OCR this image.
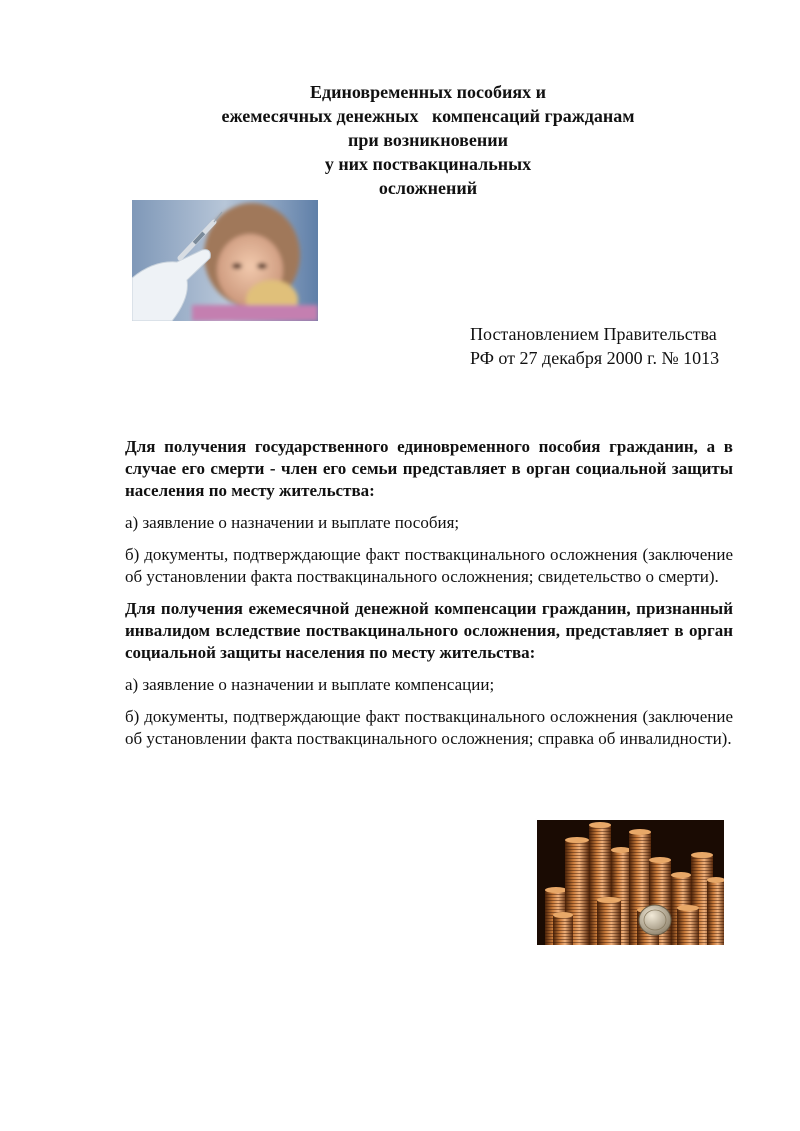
Единовременных пособиях и
ежемесячных денежных   компенсаций гражданам
при возникновении
у них поствакцинальных
осложнений
Постановлением Правительства
РФ от 27 декабря 2000 г. № 1013

Для получения государственного единовременного пособия гражданин, а в случае его смерти - член его семьи представляет в орган социальной защиты населения по месту жительства:

а) заявление о назначении и выплате пособия;

б) документы, подтверждающие факт поствакцинального осложнения (заключение об установлении факта поствакцинального осложнения; свидетельство о смерти).

Для получения ежемесячной денежной компенсации гражданин, признанный инвалидом вследствие поствакцинального осложнения, представляет в орган социальной защиты населения по месту жительства:

а) заявление о назначении и выплате компенсации;

б) документы, подтверждающие факт поствакцинального осложнения (заключение об установлении факта поствакцинального осложнения; справка об инвалидности).
